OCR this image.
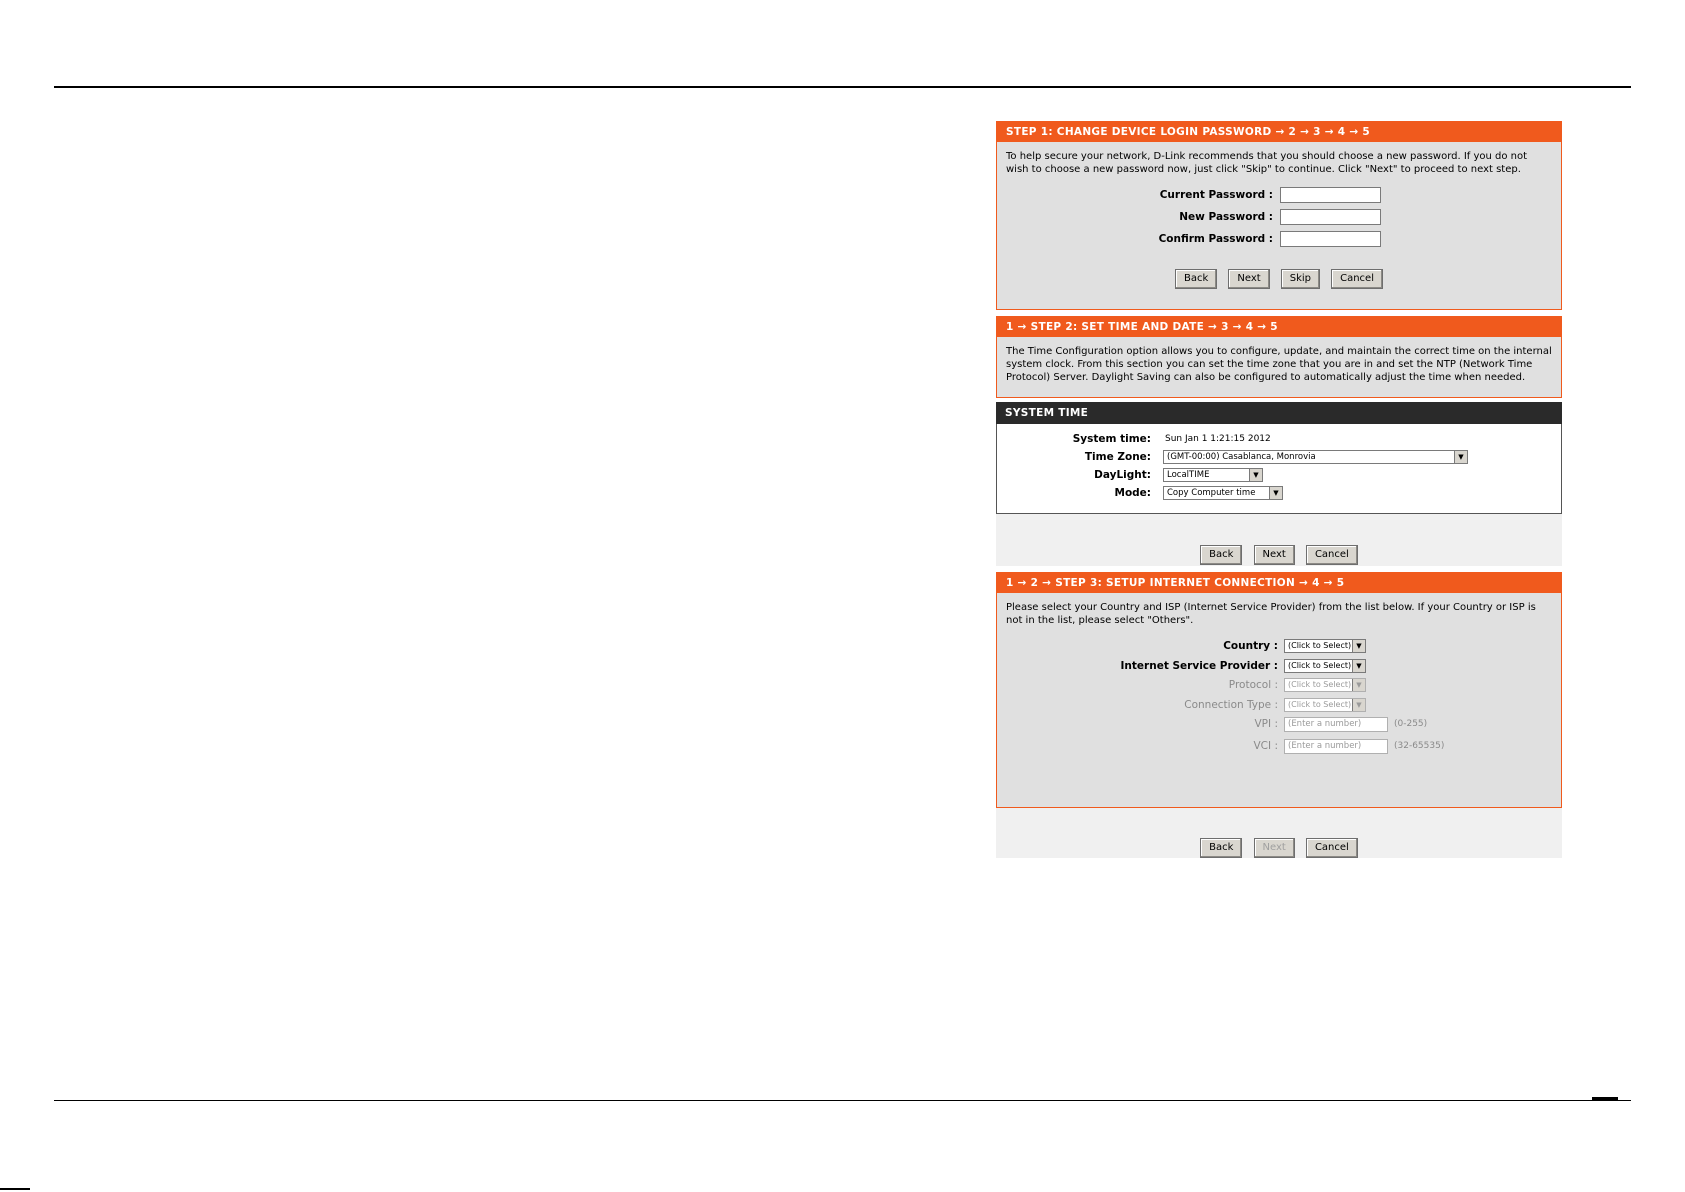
STEP 1: CHANGE DEVICE LOGIN PASSWORD → 2 → 3 → 4 → 5
To help secure your network, D-Link recommends that you should choose a new password. If you do not wish to choose a new password now, just click "Skip" to continue. Click "Next" to proceed to next step.
Current Password :
New Password :
Confirm Password :
Back	Next	Skip	Cancel
1 → STEP 2: SET TIME AND DATE → 3 → 4 → 5
The Time Configuration option allows you to configure, update, and maintain the correct time on the internal system clock. From this section you can set the time zone that you are in and set the NTP (Network Time Protocol) Server. Daylight Saving can also be configured to automatically adjust the time when needed.
SYSTEM TIME
System time: Sun Jan 1 1:21:15 2012
Time Zone:	(GMT-00:00) Casablanca, Monrovia	▼
DayLight:	LocalTIME	▼
Mode:	Copy Computer time	▼
Back	Next	Cancel
1 → 2 → STEP 3: SETUP INTERNET CONNECTION → 4 → 5
Please select your Country and ISP (Internet Service Provider) from the list below. If your Country or ISP is not in the list, please select "Others".
Country :	(Click to Select) ▼
Internet Service Provider :	(Click to Select) ▼
Protocol :	(Click to Select) ▼
Connection Type :	(Click to Select) ▼
VPI :	(Enter a number)	(0-255)
VCI :	(Enter a number)	(32-65535)
Back	Next	Cancel
